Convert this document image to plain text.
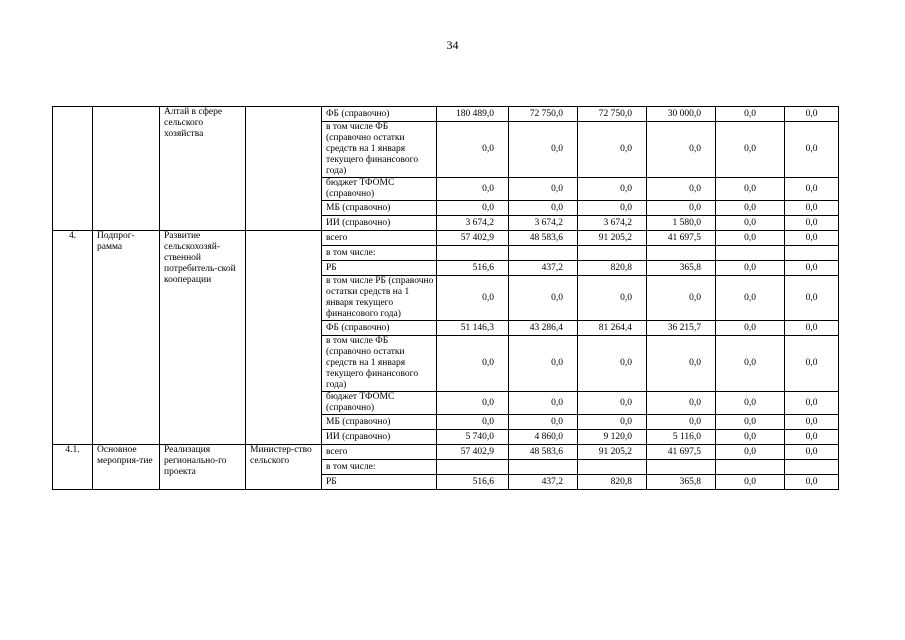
34
		Алтай в сфере сельского хозяйства		ФБ (справочно)	180 489,0	72 750,0	72 750,0	30 000,0	0,0	0,0
				в том числе ФБ (справочно остатки средств на 1 января текущего финансового года)	0,0	0,0	0,0	0,0	0,0	0,0
				бюджет ТФОМС (справочно)	0,0	0,0	0,0	0,0	0,0	0,0
				МБ (справочно)	0,0	0,0	0,0	0,0	0,0	0,0
				ИИ (справочно)	3 674,2	3 674,2	3 674,2	1 580,0	0,0	0,0
4.	Подпрог-рамма	Развитие сельскохозяй-ственной потребитель-ской кооперации		всего	57 402,9	48 583,6	91 205,2	41 697,5	0,0	0,0
				в том числе:						
				РБ	516,6	437,2	820,8	365,8	0,0	0,0
				в том числе РБ (справочно остатки средств на 1 января текущего финансового года)	0,0	0,0	0,0	0,0	0,0	0,0
				ФБ (справочно)	51 146,3	43 286,4	81 264,4	36 215,7	0,0	0,0
				в том числе ФБ (справочно остатки средств на 1 января текущего финансового года)	0,0	0,0	0,0	0,0	0,0	0,0
				бюджет ТФОМС (справочно)	0,0	0,0	0,0	0,0	0,0	0,0
				МБ (справочно)	0,0	0,0	0,0	0,0	0,0	0,0
				ИИ (справочно)	5 740,0	4 860,0	9 120,0	5 116,0	0,0	0,0
4.1.	Основное мероприя-тие	Реализация регионально-го проекта	Министер-ство сельского	всего	57 402,9	48 583,6	91 205,2	41 697,5	0,0	0,0
				в том числе:						
				РБ	516,6	437,2	820,8	365,8	0,0	0,0
